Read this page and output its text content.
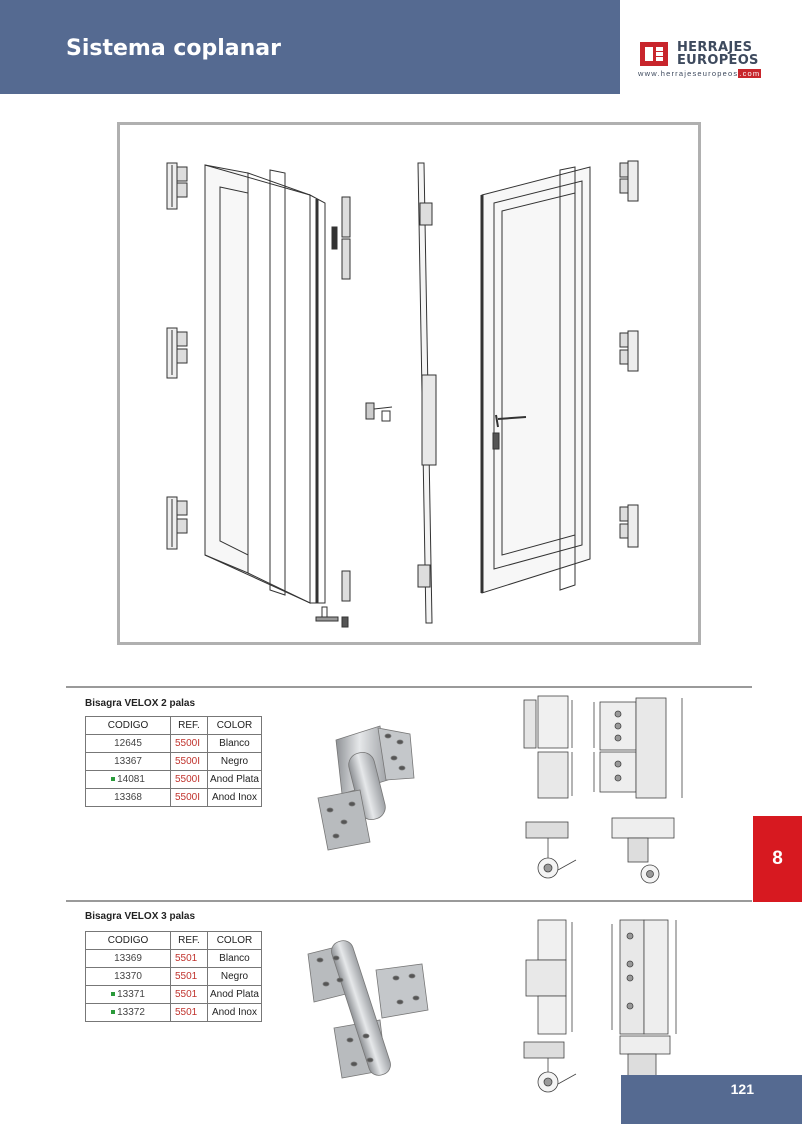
Sistema coplanar	HERRAJES
EUROPEOS
www.herrajeseuropeos.com
Bisagra VELOX 2 palas
CODIGO	REF.	COLOR
12645	5500I	Blanco
13367	5500I	Negro
14081	5500I	Anod Plata
13368	5500I	Anod Inox
Bisagra VELOX 3 palas
CODIGO	REF.	COLOR
13369	5501	Blanco
13370	5501	Negro
13371	5501	Anod Plata
13372	5501	Anod Inox
8
121
